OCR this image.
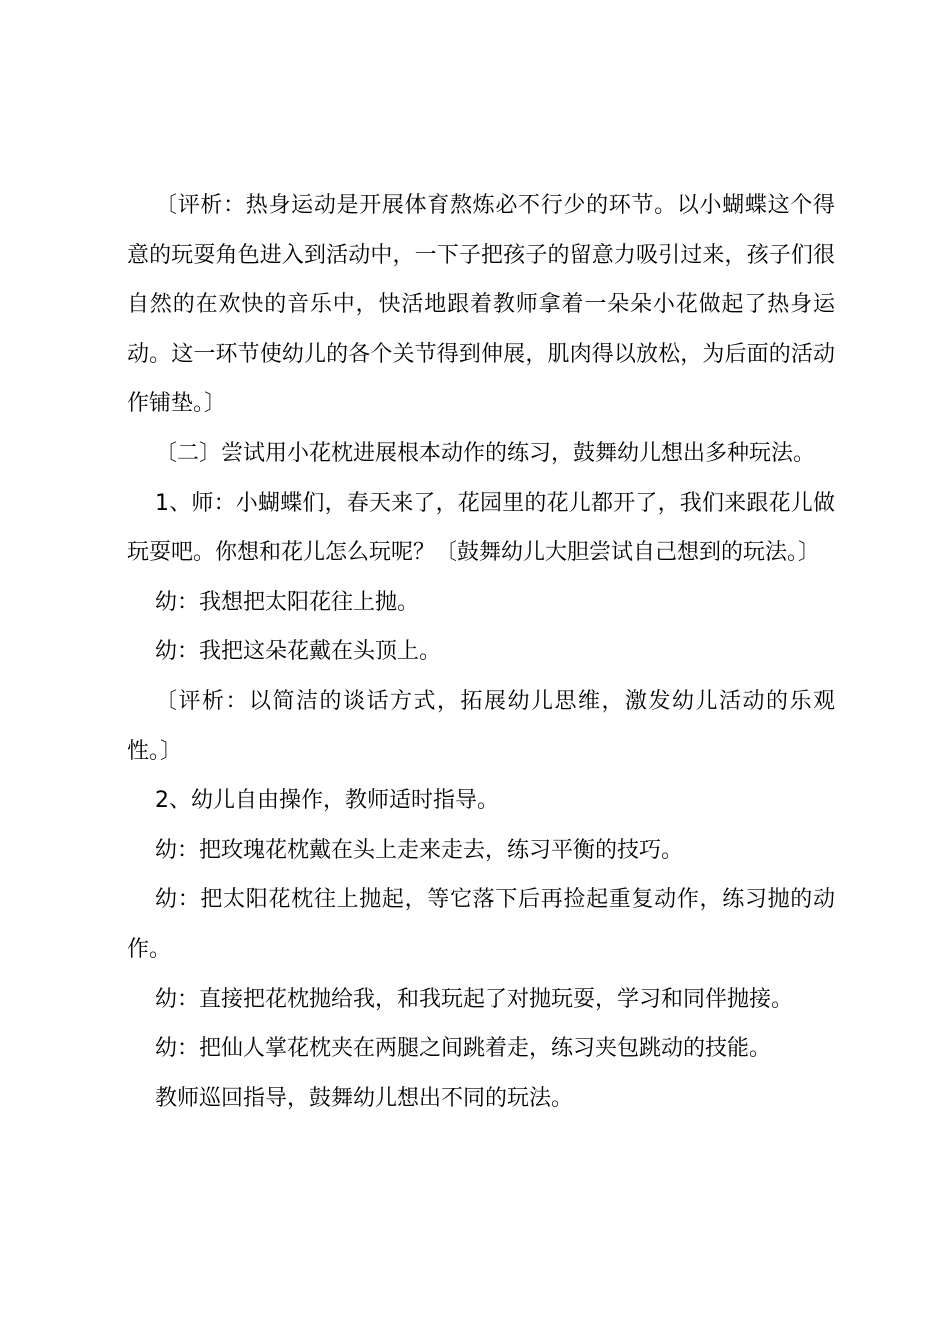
〔评析：热身运动是开展体育熬炼必不行少的环节。以小蝴蝶这个得意的玩耍角色进入到活动中，一下子把孩子的留意力吸引过来，孩子们很自然的在欢快的音乐中，快活地跟着教师拿着一朵朵小花做起了热身运动。这一环节使幼儿的各个关节得到伸展，肌肉得以放松，为后面的活动作铺垫。〕

〔二〕尝试用小花枕进展根本动作的练习，鼓舞幼儿想出多种玩法。

1、师：小蝴蝶们，春天来了，花园里的花儿都开了，我们来跟花儿做玩耍吧。你想和花儿怎么玩呢？〔鼓舞幼儿大胆尝试自己想到的玩法。〕

幼：我想把太阳花往上抛。

幼：我把这朵花戴在头顶上。

〔评析：以简洁的谈话方式，拓展幼儿思维，激发幼儿活动的乐观性。〕

2、幼儿自由操作，教师适时指导。

幼：把玫瑰花枕戴在头上走来走去，练习平衡的技巧。

幼：把太阳花枕往上抛起，等它落下后再捡起重复动作，练习抛的动作。

幼：直接把花枕抛给我，和我玩起了对抛玩耍，学习和同伴抛接。

幼：把仙人掌花枕夹在两腿之间跳着走，练习夹包跳动的技能。

教师巡回指导，鼓舞幼儿想出不同的玩法。
